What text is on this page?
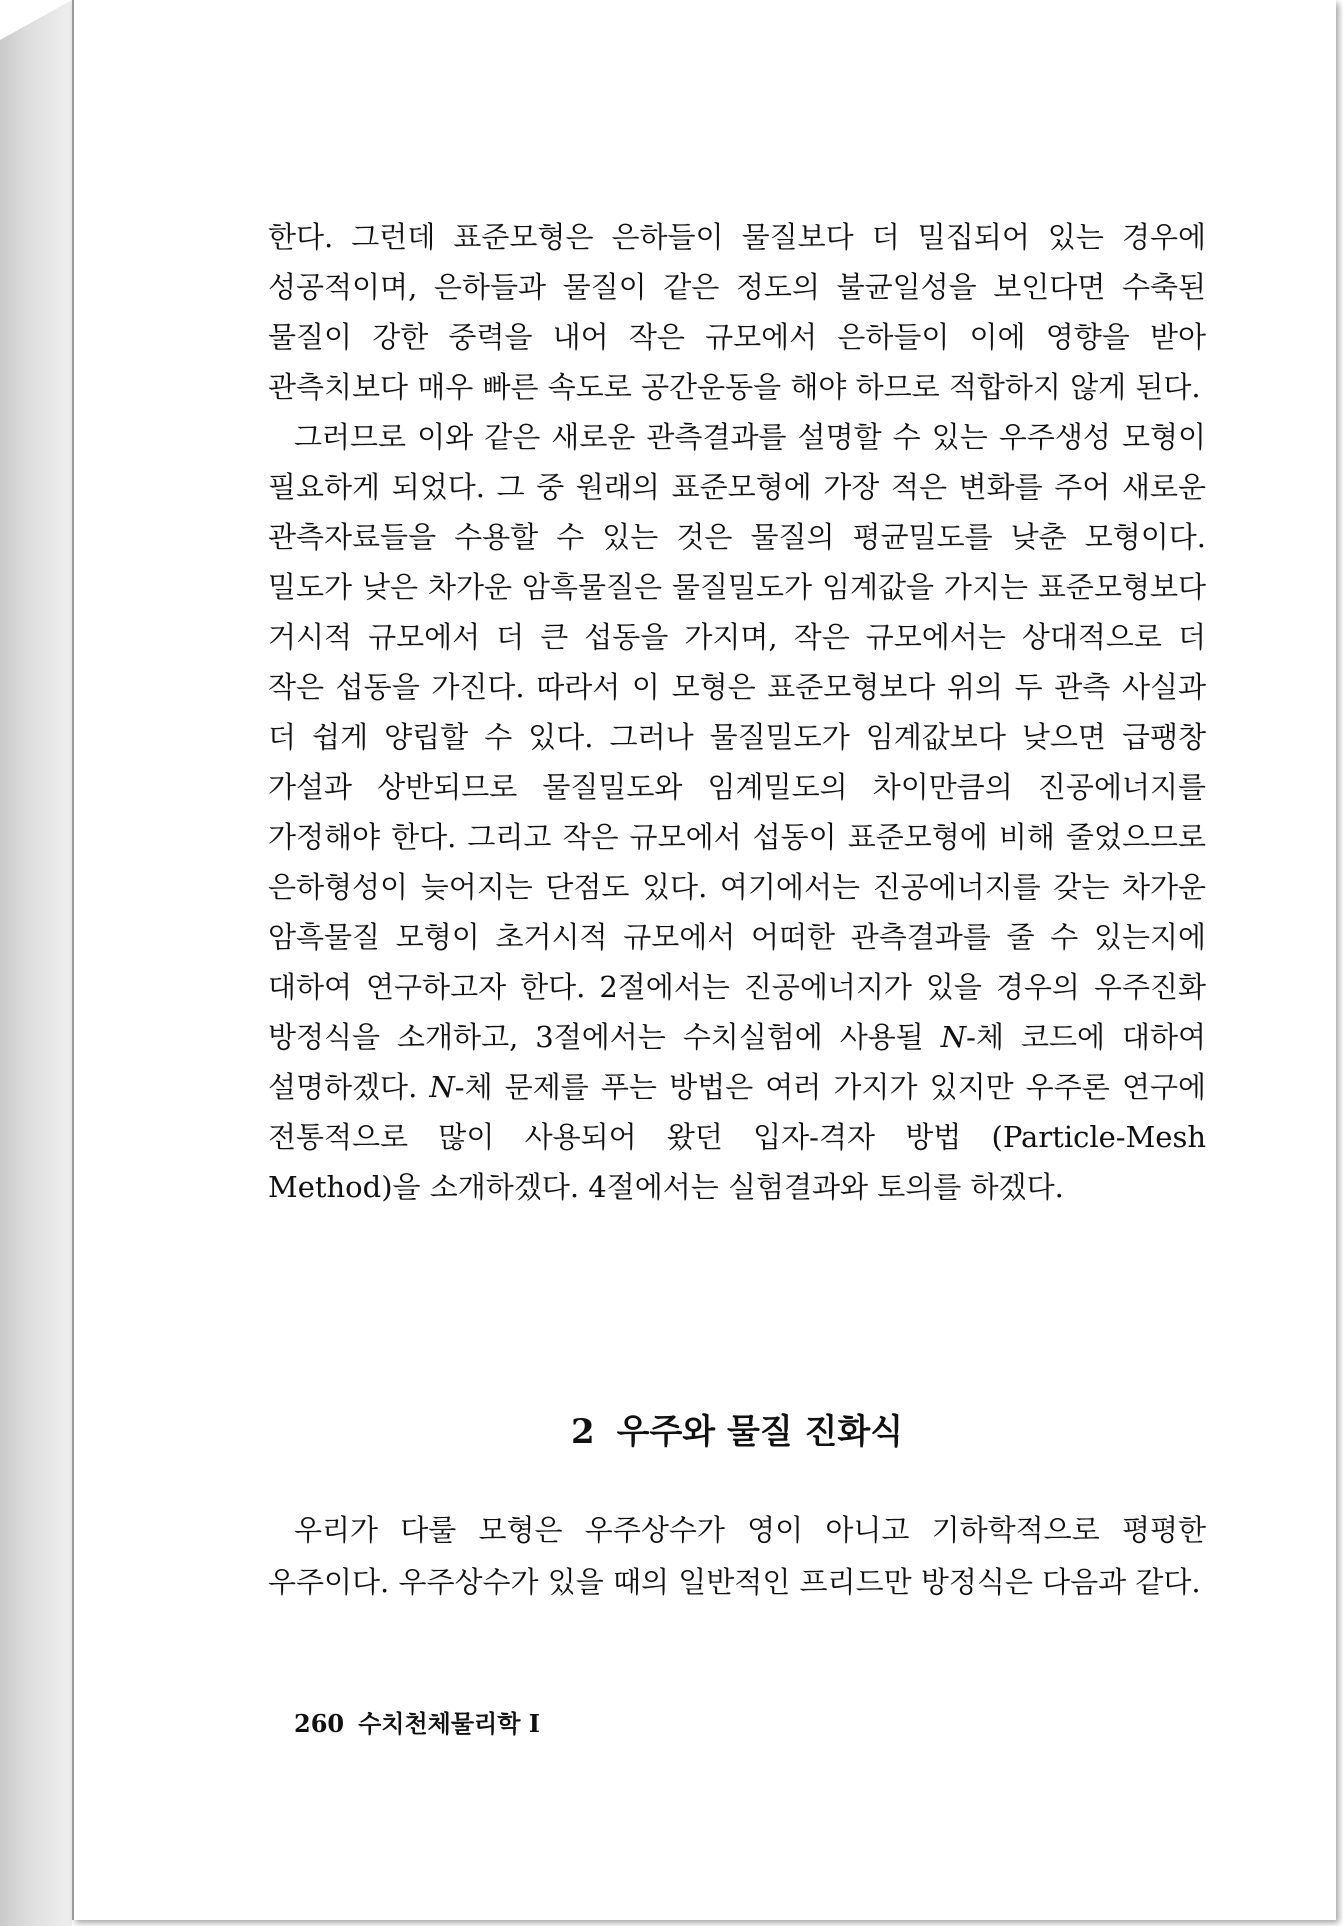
한다. 그런데 표준모형은 은하들이 물질보다 더 밀집되어 있는 경우에 성공적이며, 은하들과 물질이 같은 정도의 불균일성을 보인다면 수축된 물질이 강한 중력을 내어 작은 규모에서 은하들이 이에 영향을 받아 관측치보다 매우 빠른 속도로 공간운동을 해야 하므로 적합하지 않게 된다.

그러므로 이와 같은 새로운 관측결과를 설명할 수 있는 우주생성 모형이 필요하게 되었다. 그 중 원래의 표준모형에 가장 적은 변화를 주어 새로운 관측자료들을 수용할 수 있는 것은 물질의 평균밀도를 낮춘 모형이다. 밀도가 낮은 차가운 암흑물질은 물질밀도가 임계값을 가지는 표준모형보다 거시적 규모에서 더 큰 섭동을 가지며, 작은 규모에서는 상대적으로 더 작은 섭동을 가진다. 따라서 이 모형은 표준모형보다 위의 두 관측 사실과 더 쉽게 양립할 수 있다. 그러나 물질밀도가 임계값보다 낮으면 급팽창 가설과 상반되므로 물질밀도와 임계밀도의 차이만큼의 진공에너지를 가정해야 한다. 그리고 작은 규모에서 섭동이 표준모형에 비해 줄었으므로 은하형성이 늦어지는 단점도 있다. 여기에서는 진공에너지를 갖는 차가운 암흑물질 모형이 초거시적 규모에서 어떠한 관측결과를 줄 수 있는지에 대하여 연구하고자 한다. 2절에서는 진공에너지가 있을 경우의 우주진화 방정식을 소개하고, 3절에서는 수치실험에 사용될 N-체 코드에 대하여 설명하겠다. N-체 문제를 푸는 방법은 여러 가지가 있지만 우주론 연구에 전통적으로 많이 사용되어 왔던 입자-격자 방법 (Particle-Mesh Method)을 소개하겠다. 4절에서는 실험결과와 토의를 하겠다.

2 우주와 물질 진화식

우리가 다룰 모형은 우주상수가 영이 아니고 기하학적으로 평평한 우주이다. 우주상수가 있을 때의 일반적인 프리드만 방정식은 다음과 같다.

260 수치천체물리학 I
